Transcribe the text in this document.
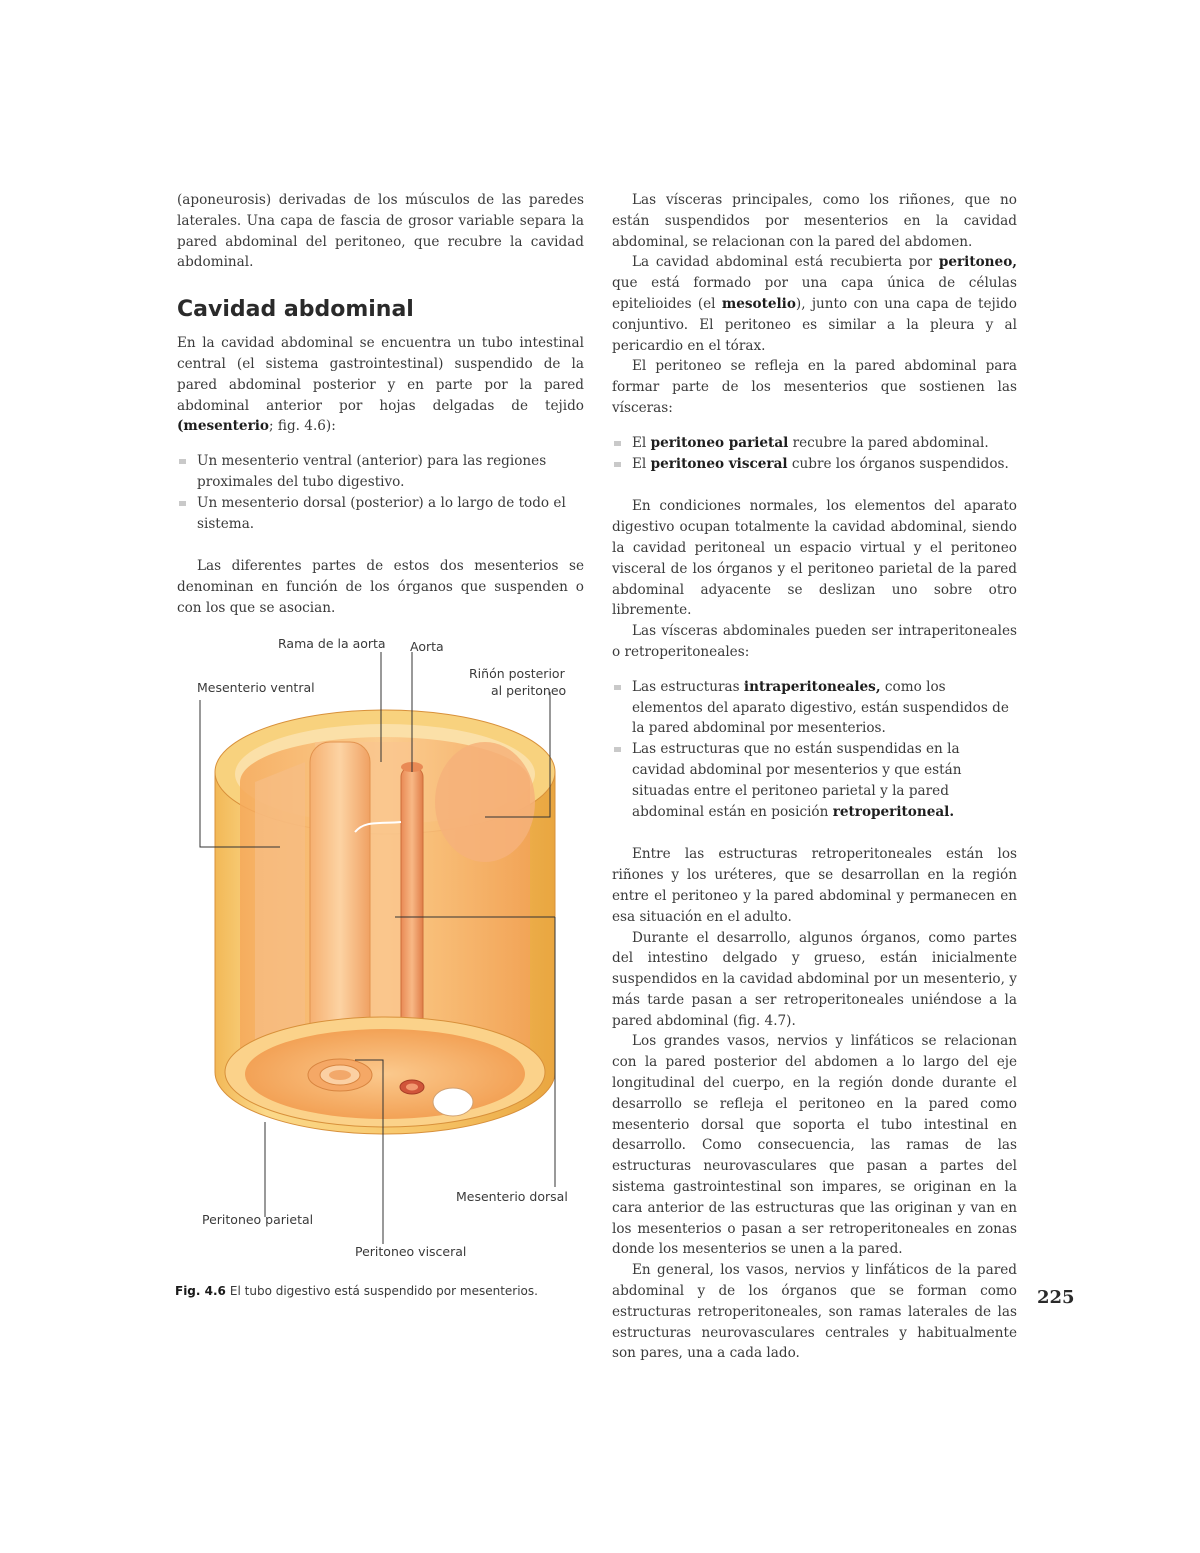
(aponeurosis) derivadas de los músculos de las paredes laterales. Una capa de fascia de grosor variable separa la pared abdominal del peritoneo, que recubre la cavidad abdominal.

Cavidad abdominal

En la cavidad abdominal se encuentra un tubo intestinal central (el sistema gastrointestinal) suspendido de la pared abdominal posterior y en parte por la pared abdominal anterior por hojas delgadas de tejido (mesenterio; fig. 4.6):

Un mesenterio ventral (anterior) para las regiones proximales del tubo digestivo.
Un mesenterio dorsal (posterior) a lo largo de todo el sistema.

Las diferentes partes de estos dos mesenterios se denominan en función de los órganos que suspenden o con los que se asocian.

Rama de la aorta Aorta
Riñón posterior
al peritoneo
Mesenterio ventral
Mesenterio dorsal
Peritoneo parietal
Peritoneo visceral
Fig. 4.6 El tubo digestivo está suspendido por mesenterios.

Las vísceras principales, como los riñones, que no están suspendidos por mesenterios en la cavidad abdominal, se relacionan con la pared del abdomen.

La cavidad abdominal está recubierta por peritoneo, que está formado por una capa única de células epitelioides (el mesotelio), junto con una capa de tejido conjuntivo. El peritoneo es similar a la pleura y al pericardio en el tórax.

El peritoneo se refleja en la pared abdominal para formar parte de los mesenterios que sostienen las vísceras:

El peritoneo parietal recubre la pared abdominal.
El peritoneo visceral cubre los órganos suspendidos.

En condiciones normales, los elementos del aparato digestivo ocupan totalmente la cavidad abdominal, siendo la cavidad peritoneal un espacio virtual y el peritoneo visceral de los órganos y el peritoneo parietal de la pared abdominal adyacente se deslizan uno sobre otro libremente.

Las vísceras abdominales pueden ser intraperitoneales o retroperitoneales:

Las estructuras intraperitoneales, como los elementos del aparato digestivo, están suspendidos de la pared abdominal por mesenterios.
Las estructuras que no están suspendidas en la cavidad abdominal por mesenterios y que están situadas entre el peritoneo parietal y la pared abdominal están en posición retroperitoneal.

Entre las estructuras retroperitoneales están los riñones y los uréteres, que se desarrollan en la región entre el peritoneo y la pared abdominal y permanecen en esa situación en el adulto.

Durante el desarrollo, algunos órganos, como partes del intestino delgado y grueso, están inicialmente suspendidos en la cavidad abdominal por un mesenterio, y más tarde pasan a ser retroperitoneales uniéndose a la pared abdominal (fig. 4.7).

Los grandes vasos, nervios y linfáticos se relacionan con la pared posterior del abdomen a lo largo del eje longitudinal del cuerpo, en la región donde durante el desarrollo se refleja el peritoneo en la pared como mesenterio dorsal que soporta el tubo intestinal en desarrollo. Como consecuencia, las ramas de las estructuras neurovasculares que pasan a partes del sistema gastrointestinal son impares, se originan en la cara anterior de las estructuras que las originan y van en los mesenterios o pasan a ser retroperitoneales en zonas donde los mesenterios se unen a la pared.

En general, los vasos, nervios y linfáticos de la pared abdominal y de los órganos que se forman como estructuras retroperitoneales, son ramas laterales de las estructuras neurovasculares centrales y habitualmente son pares, una a cada lado.

225
